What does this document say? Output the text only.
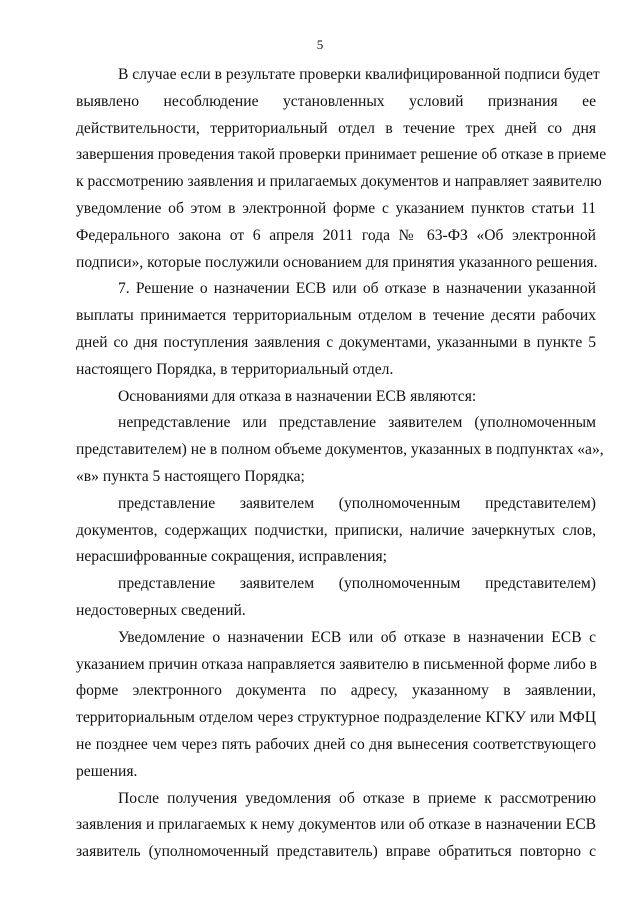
5

В случае если в результате проверки квалифицированной подписи будет

выявлено несоблюдение установленных условий признания ее

действительности, территориальный отдел в течение трех дней со дня

завершения проведения такой проверки принимает решение об отказе в приеме

к рассмотрению заявления и прилагаемых документов и направляет заявителю

уведомление об этом в электронной форме с указанием пунктов статьи 11

Федерального закона от 6 апреля 2011 года № 63-ФЗ «Об электронной

подписи», которые послужили основанием для принятия указанного решения.

7. Решение о назначении ЕСВ или об отказе в назначении указанной

выплаты принимается территориальным отделом в течение десяти рабочих

дней со дня поступления заявления с документами, указанными в пункте 5

настоящего Порядка, в территориальный отдел.

Основаниями для отказа в назначении ЕСВ являются:

непредставление или представление заявителем (уполномоченным

представителем) не в полном объеме документов, указанных в подпунктах «а»,

«в» пункта 5 настоящего Порядка;

представление заявителем (уполномоченным представителем)

документов, содержащих подчистки, приписки, наличие зачеркнутых слов,

нерасшифрованные сокращения, исправления;

представление заявителем (уполномоченным представителем)

недостоверных сведений.

Уведомление о назначении ЕСВ или об отказе в назначении ЕСВ с

указанием причин отказа направляется заявителю в письменной форме либо в

форме электронного документа по адресу, указанному в заявлении,

территориальным отделом через структурное подразделение КГКУ или МФЦ

не позднее чем через пять рабочих дней со дня вынесения соответствующего

решения.

После получения уведомления об отказе в приеме к рассмотрению

заявления и прилагаемых к нему документов или об отказе в назначении ЕСВ

заявитель (уполномоченный представитель) вправе обратиться повторно с
